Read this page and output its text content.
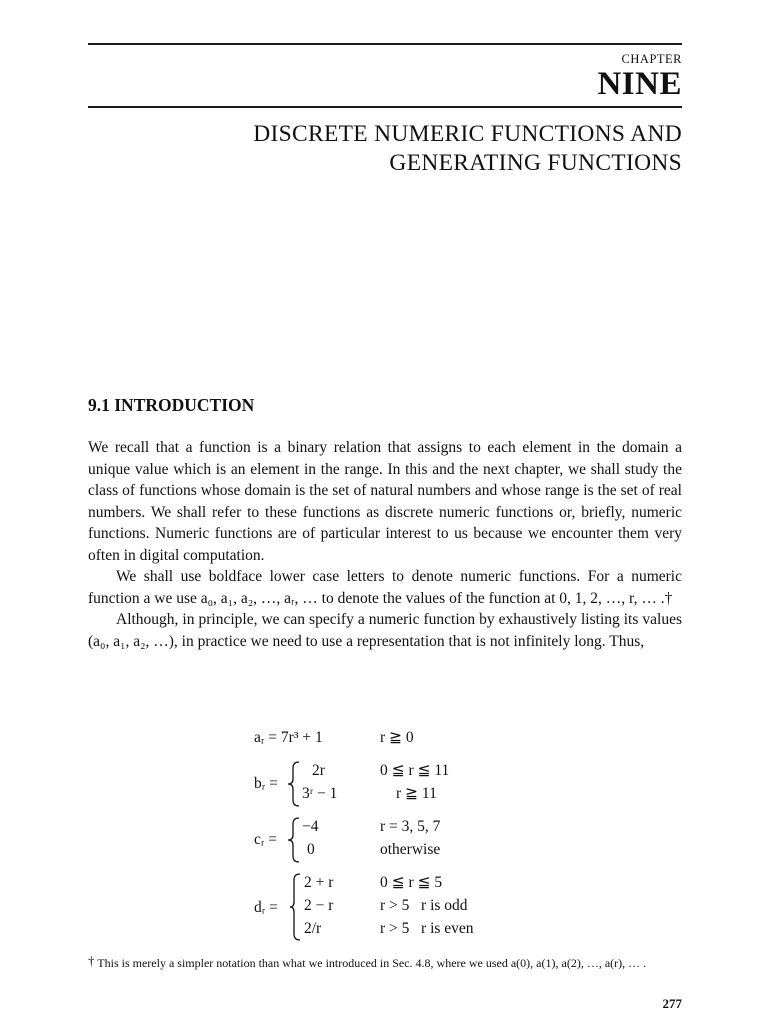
CHAPTER
NINE
DISCRETE NUMERIC FUNCTIONS AND
GENERATING FUNCTIONS
9.1 INTRODUCTION

We recall that a function is a binary relation that assigns to each element in the domain a unique value which is an element in the range. In this and the next chapter, we shall study the class of functions whose domain is the set of natural numbers and whose range is the set of real numbers. We shall refer to these functions as discrete numeric functions or, briefly, numeric functions. Numeric functions are of particular interest to us because we encounter them very often in digital computation.

We shall use boldface lower case letters to denote numeric functions. For a numeric function a we use a₀, a₁, a₂, …, aᵣ, … to denote the values of the function at 0, 1, 2, …, r, … .†

Although, in principle, we can specify a numeric function by exhaustively listing its values (a₀, a₁, a₂, …), in practice we need to use a representation that is not infinitely long. Thus,

aᵣ = 7r³ + 1	r ≧ 0
bᵣ =
2r
3ʳ − 1
0 ≦ r ≦ 11
r ≧ 11
cᵣ =
−4
0
r = 3, 5, 7
otherwise
dᵣ =
2 + r
2 − r
2/r
0 ≦ r ≦ 5
r > 5   r is odd
r > 5   r is even
† This is merely a simpler notation than what we introduced in Sec. 4.8, where we used a(0), a(1), a(2), …, a(r), … .
277
